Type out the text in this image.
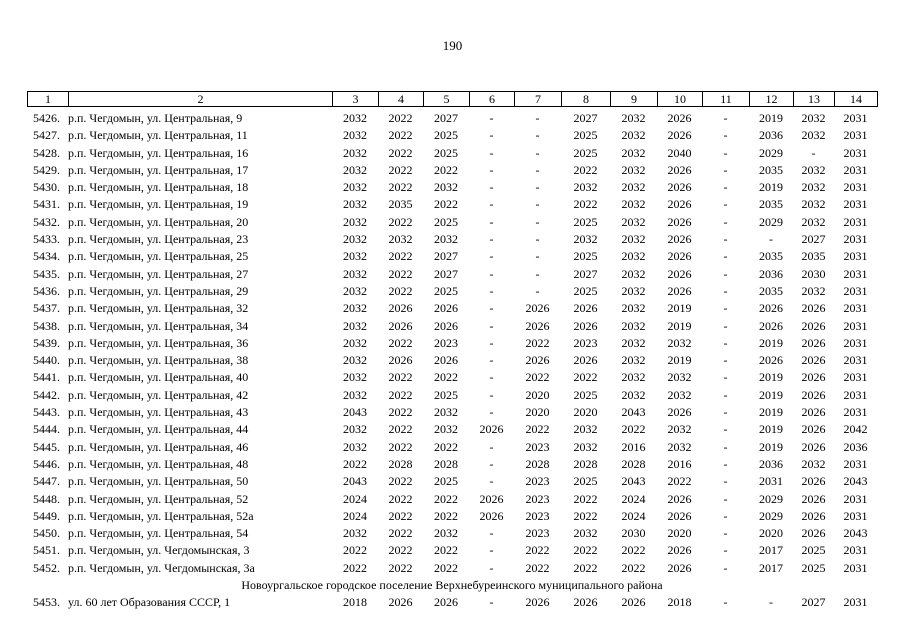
190
1	2	3	4	5	6	7	8	9	10	11	12	13	14
5426. р.п. Чегдомын, ул. Центральная, 9	2032	2022	2027	-	-	2027	2032	2026	-	2019	2032	2031
5427. р.п. Чегдомын, ул. Центральная, 11	2032	2022	2025	-	-	2025	2032	2026	-	2036	2032	2031
5428. р.п. Чегдомын, ул. Центральная, 16	2032	2022	2025	-	-	2025	2032	2040	-	2029	-	2031
5429. р.п. Чегдомын, ул. Центральная, 17	2032	2022	2022	-	-	2022	2032	2026	-	2035	2032	2031
5430. р.п. Чегдомын, ул. Центральная, 18	2032	2022	2032	-	-	2032	2032	2026	-	2019	2032	2031
5431. р.п. Чегдомын, ул. Центральная, 19	2032	2035	2022	-	-	2022	2032	2026	-	2035	2032	2031
5432. р.п. Чегдомын, ул. Центральная, 20	2032	2022	2025	-	-	2025	2032	2026	-	2029	2032	2031
5433. р.п. Чегдомын, ул. Центральная, 23	2032	2032	2032	-	-	2032	2032	2026	-	-	2027	2031
5434. р.п. Чегдомын, ул. Центральная, 25	2032	2022	2027	-	-	2025	2032	2026	-	2035	2035	2031
5435. р.п. Чегдомын, ул. Центральная, 27	2032	2022	2027	-	-	2027	2032	2026	-	2036	2030	2031
5436. р.п. Чегдомын, ул. Центральная, 29	2032	2022	2025	-	-	2025	2032	2026	-	2035	2032	2031
5437. р.п. Чегдомын, ул. Центральная, 32	2032	2026	2026	-	2026	2026	2032	2019	-	2026	2026	2031
5438. р.п. Чегдомын, ул. Центральная, 34	2032	2026	2026	-	2026	2026	2032	2019	-	2026	2026	2031
5439. р.п. Чегдомын, ул. Центральная, 36	2032	2022	2023	-	2022	2023	2032	2032	-	2019	2026	2031
5440. р.п. Чегдомын, ул. Центральная, 38	2032	2026	2026	-	2026	2026	2032	2019	-	2026	2026	2031
5441. р.п. Чегдомын, ул. Центральная, 40	2032	2022	2022	-	2022	2022	2032	2032	-	2019	2026	2031
5442. р.п. Чегдомын, ул. Центральная, 42	2032	2022	2025	-	2020	2025	2032	2032	-	2019	2026	2031
5443. р.п. Чегдомын, ул. Центральная, 43	2043	2022	2032	-	2020	2020	2043	2026	-	2019	2026	2031
5444. р.п. Чегдомын, ул. Центральная, 44	2032	2022	2032	2026	2022	2032	2022	2032	-	2019	2026	2042
5445. р.п. Чегдомын, ул. Центральная, 46	2032	2022	2022	-	2023	2032	2016	2032	-	2019	2026	2036
5446. р.п. Чегдомын, ул. Центральная, 48	2022	2028	2028	-	2028	2028	2028	2016	-	2036	2032	2031
5447. р.п. Чегдомын, ул. Центральная, 50	2043	2022	2025	-	2023	2025	2043	2022	-	2031	2026	2043
5448. р.п. Чегдомын, ул. Центральная, 52	2024	2022	2022	2026	2023	2022	2024	2026	-	2029	2026	2031
5449. р.п. Чегдомын, ул. Центральная, 52а	2024	2022	2022	2026	2023	2022	2024	2026	-	2029	2026	2031
5450. р.п. Чегдомын, ул. Центральная, 54	2032	2022	2032	-	2023	2032	2030	2020	-	2020	2026	2043
5451. р.п. Чегдомын, ул. Чегдомынская, 3	2022	2022	2022	-	2022	2022	2022	2026	-	2017	2025	2031
5452. р.п. Чегдомын, ул. Чегдомынская, 3а	2022	2022	2022	-	2022	2022	2022	2026	-	2017	2025	2031
Новоургальское городское поселение Верхнебуреинского муниципального района
5453. ул. 60 лет Образования СССР, 1	2018	2026	2026	-	2026	2026	2026	2018	-	-	2027	2031
